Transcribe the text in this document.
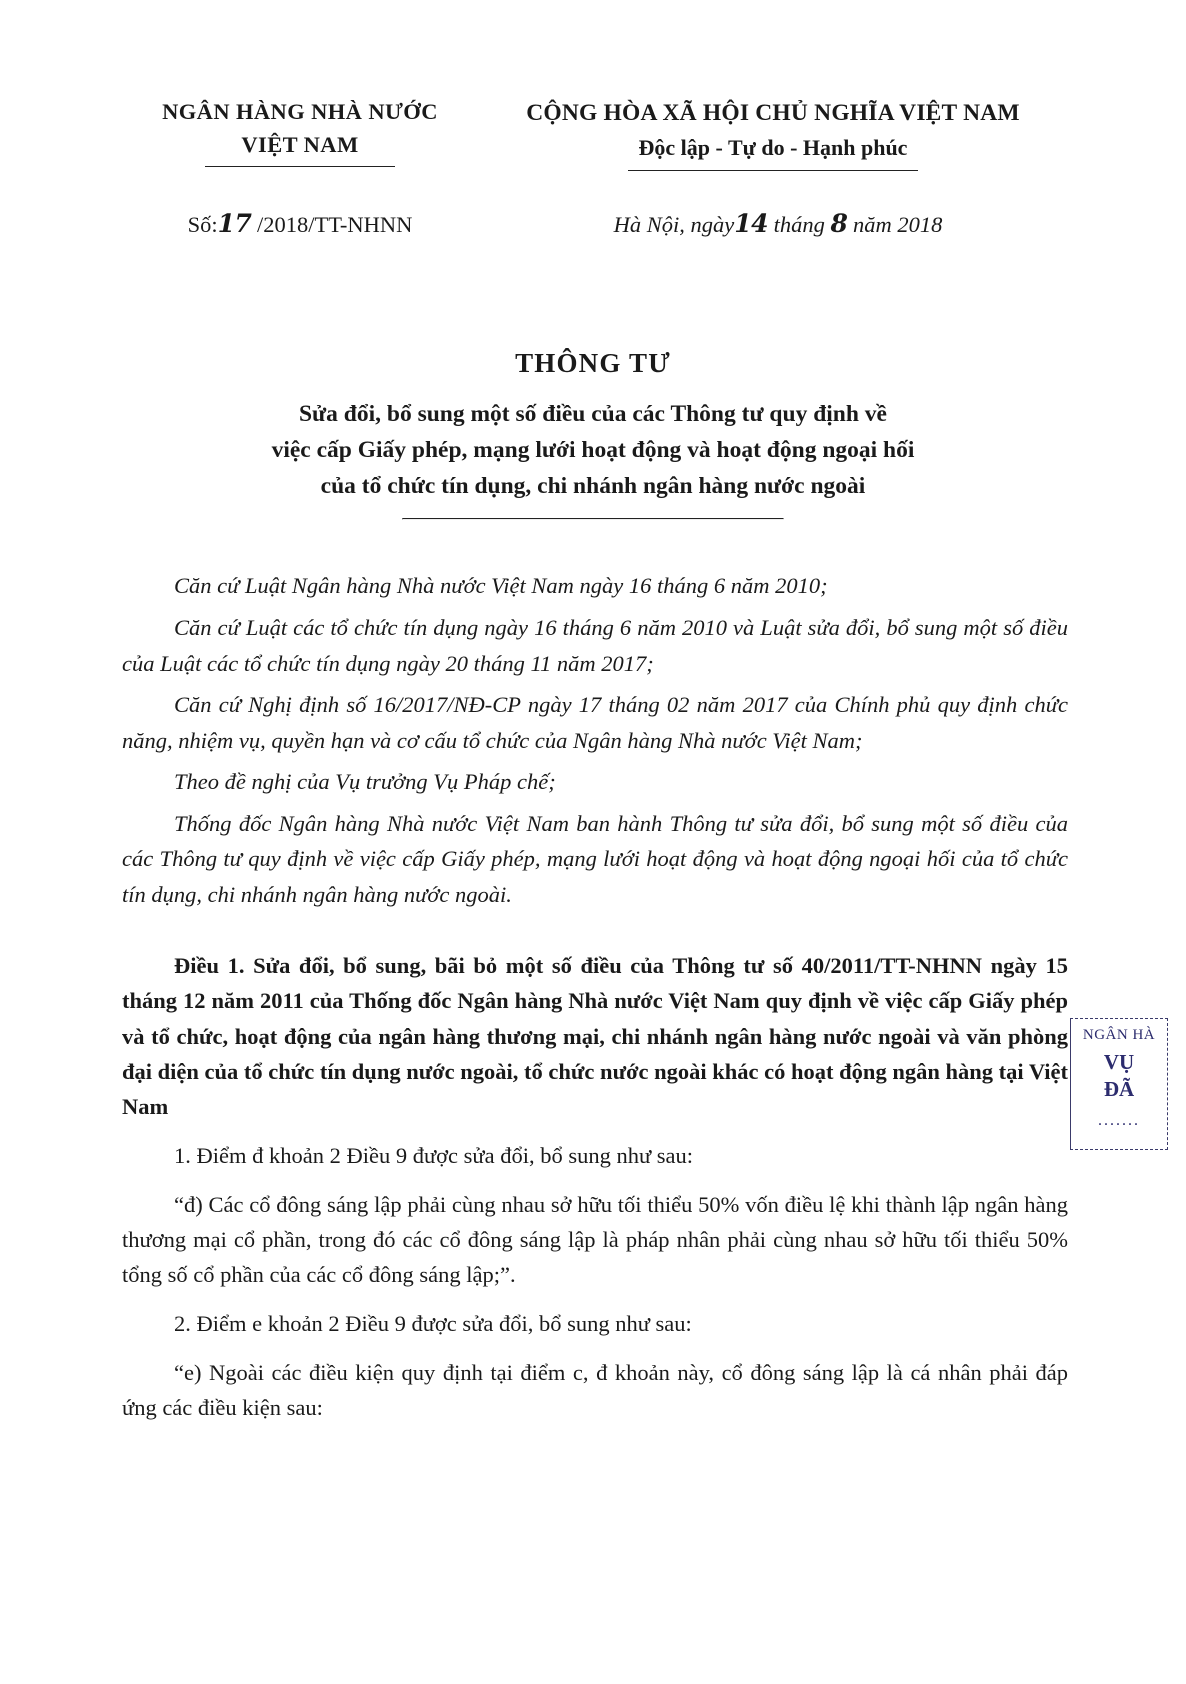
NGÂN HÀNG NHÀ NƯỚC
VIỆT NAM
CỘNG HÒA XÃ HỘI CHỦ NGHĨA VIỆT NAM
Độc lập - Tự do - Hạnh phúc
Số:17 /2018/TT-NHNN	Hà Nội, ngày14 tháng 8 năm 2018
THÔNG TƯ
Sửa đổi, bổ sung một số điều của các Thông tư quy định về
việc cấp Giấy phép, mạng lưới hoạt động và hoạt động ngoại hối
của tổ chức tín dụng, chi nhánh ngân hàng nước ngoài

Căn cứ Luật Ngân hàng Nhà nước Việt Nam ngày 16 tháng 6 năm 2010;

Căn cứ Luật các tổ chức tín dụng ngày 16 tháng 6 năm 2010 và Luật sửa đổi, bổ sung một số điều của Luật các tổ chức tín dụng ngày 20 tháng 11 năm 2017;

Căn cứ Nghị định số 16/2017/NĐ-CP ngày 17 tháng 02 năm 2017 của Chính phủ quy định chức năng, nhiệm vụ, quyền hạn và cơ cấu tổ chức của Ngân hàng Nhà nước Việt Nam;

Theo đề nghị của Vụ trưởng Vụ Pháp chế;

Thống đốc Ngân hàng Nhà nước Việt Nam ban hành Thông tư sửa đổi, bổ sung một số điều của các Thông tư quy định về việc cấp Giấy phép, mạng lưới hoạt động và hoạt động ngoại hối của tổ chức tín dụng, chi nhánh ngân hàng nước ngoài.

Điều 1. Sửa đổi, bổ sung, bãi bỏ một số điều của Thông tư số 40/2011/TT-NHNN ngày 15 tháng 12 năm 2011 của Thống đốc Ngân hàng Nhà nước Việt Nam quy định về việc cấp Giấy phép và tổ chức, hoạt động của ngân hàng thương mại, chi nhánh ngân hàng nước ngoài và văn phòng đại diện của tổ chức tín dụng nước ngoài, tổ chức nước ngoài khác có hoạt động ngân hàng tại Việt Nam
1. Điểm đ khoản 2 Điều 9 được sửa đổi, bổ sung như sau:
“đ) Các cổ đông sáng lập phải cùng nhau sở hữu tối thiểu 50% vốn điều lệ khi thành lập ngân hàng thương mại cổ phần, trong đó các cổ đông sáng lập là pháp nhân phải cùng nhau sở hữu tối thiểu 50% tổng số cổ phần của các cổ đông sáng lập;”.
2. Điểm e khoản 2 Điều 9 được sửa đổi, bổ sung như sau:
“e) Ngoài các điều kiện quy định tại điểm c, đ khoản này, cổ đông sáng lập là cá nhân phải đáp ứng các điều kiện sau:
NGÂN HÀ
VỤ
ĐÃ
.......
